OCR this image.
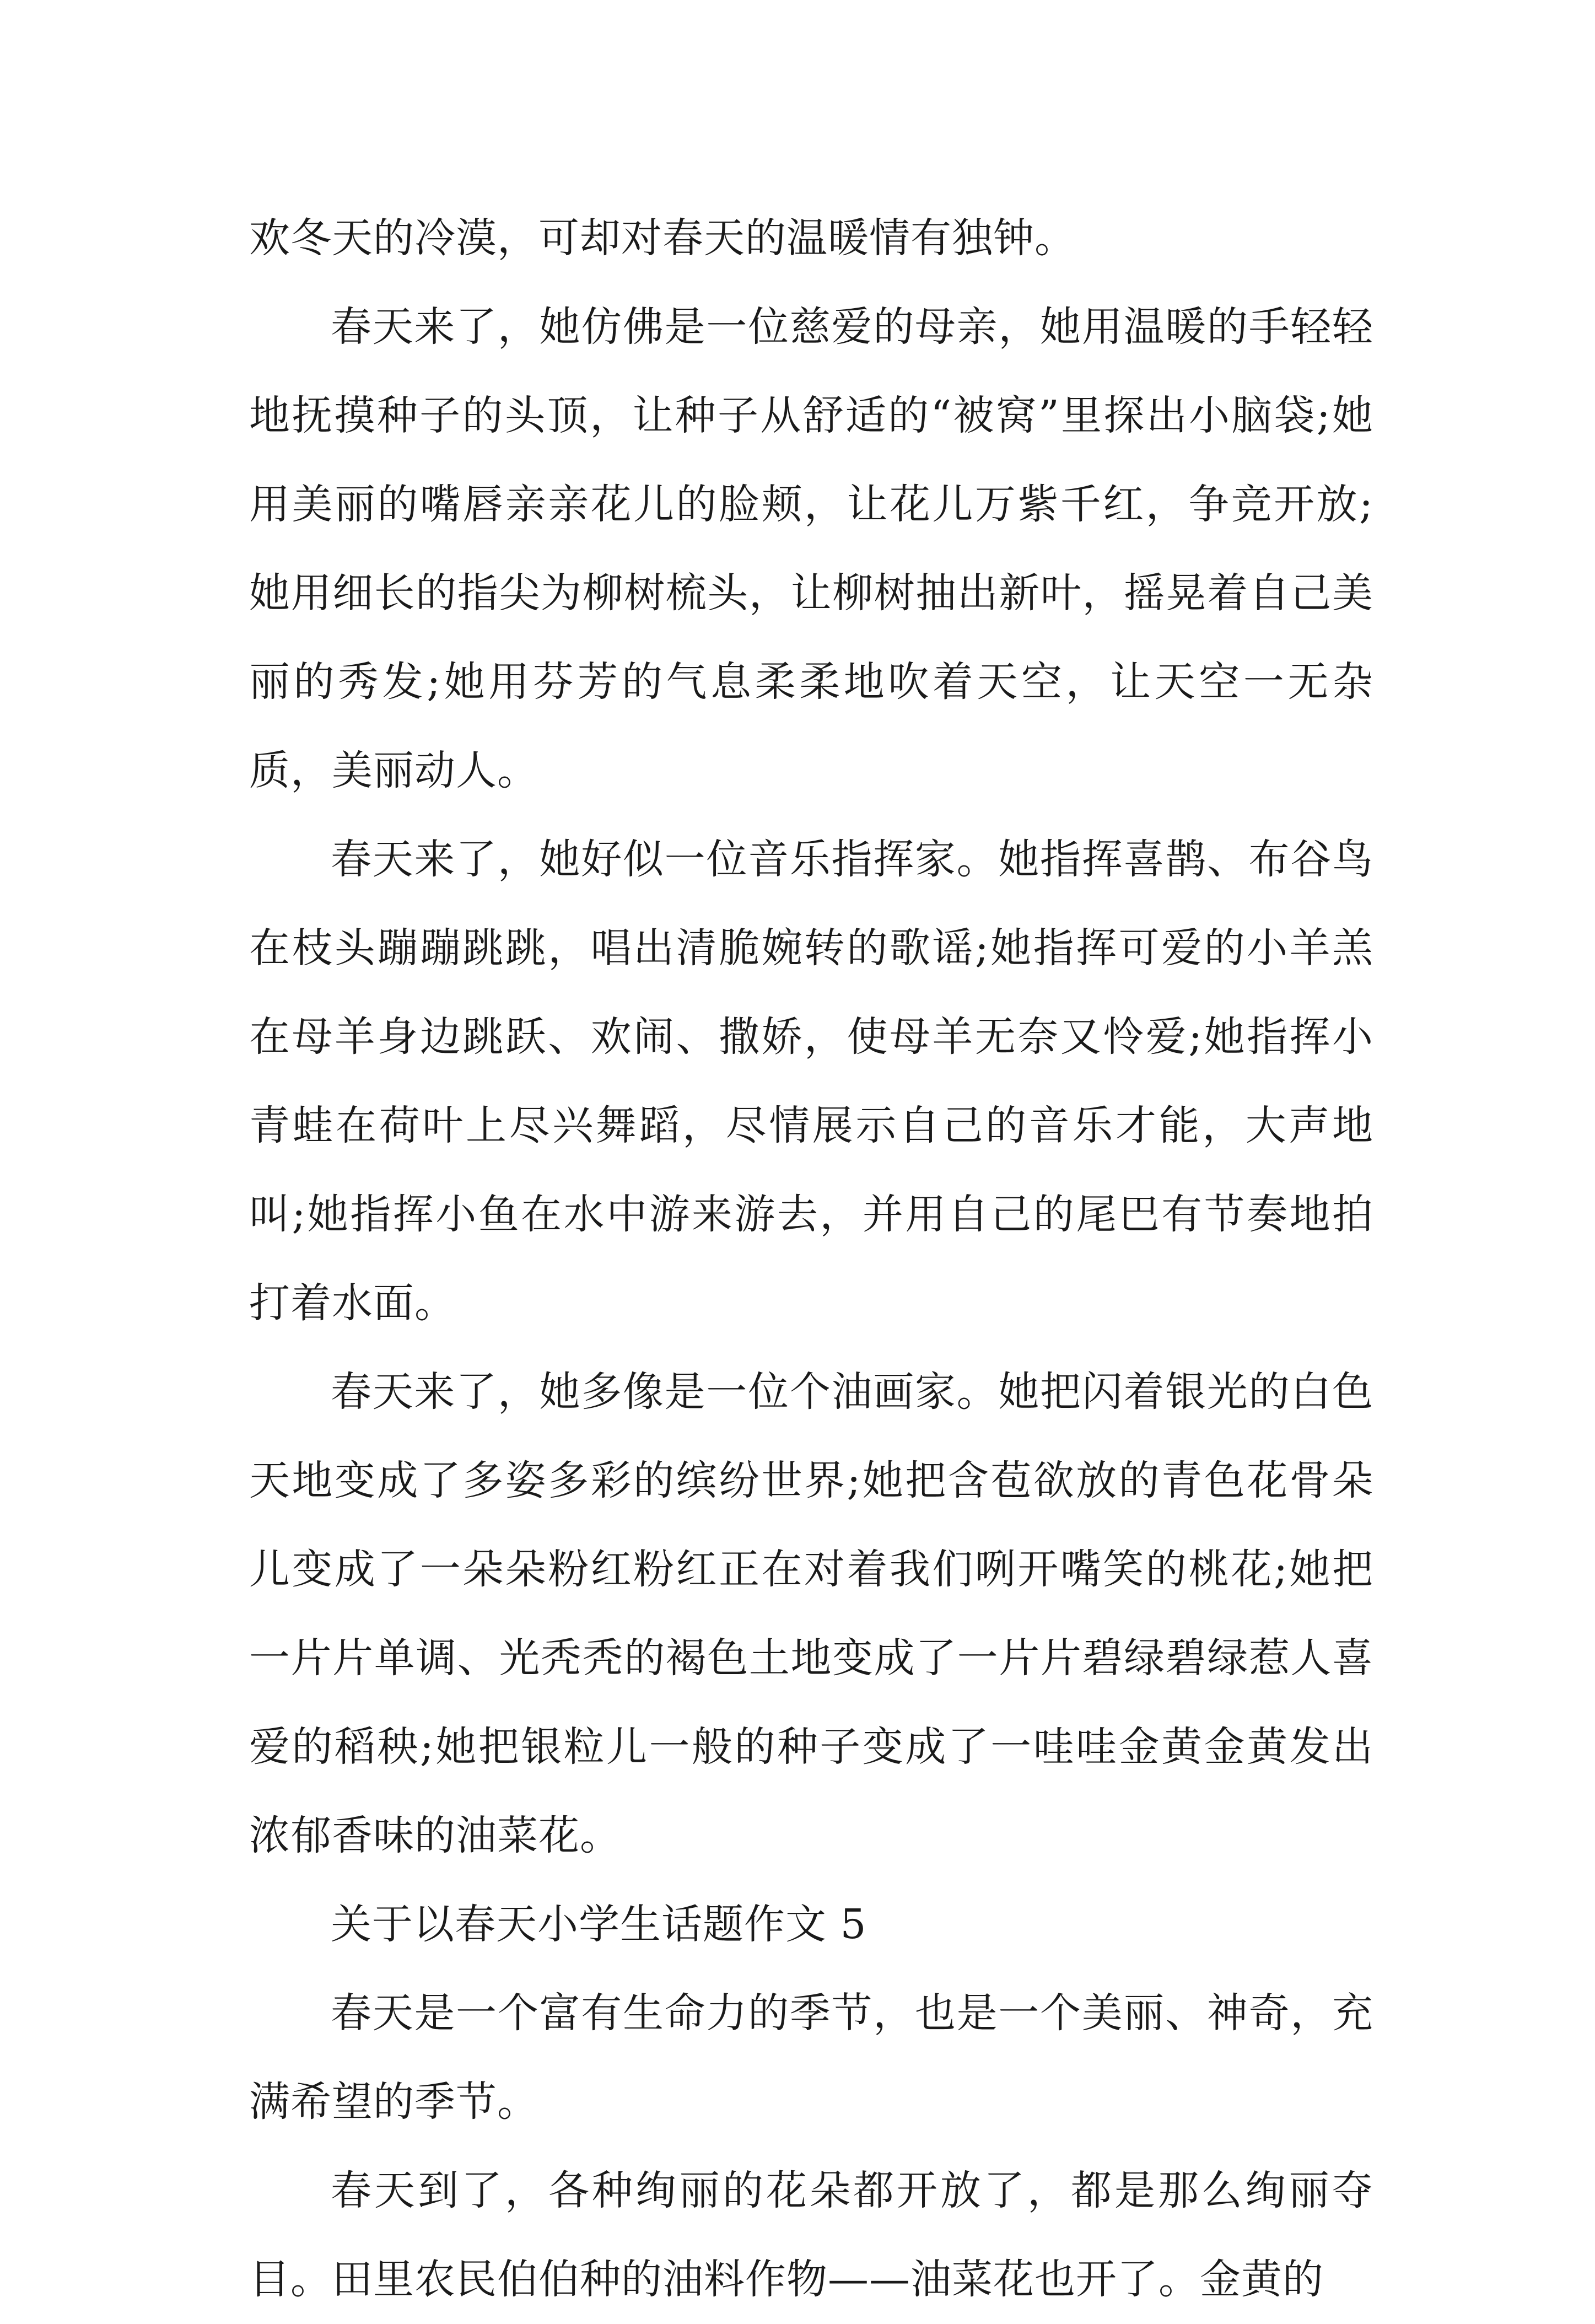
欢冬天的冷漠，可却对春天的温暖情有独钟。

春天来了，她仿佛是一位慈爱的母亲，她用温暖的手轻轻地抚摸种子的头顶，让种子从舒适的“被窝”里探出小脑袋;她用美丽的嘴唇亲亲花儿的脸颊，让花儿万紫千红，争竞开放;她用细长的指尖为柳树梳头，让柳树抽出新叶，摇晃着自己美丽的秀发;她用芬芳的气息柔柔地吹着天空，让天空一无杂质，美丽动人。

春天来了，她好似一位音乐指挥家。她指挥喜鹊、布谷鸟在枝头蹦蹦跳跳，唱出清脆婉转的歌谣;她指挥可爱的小羊羔在母羊身边跳跃、欢闹、撒娇，使母羊无奈又怜爱;她指挥小青蛙在荷叶上尽兴舞蹈，尽情展示自己的音乐才能，大声地叫;她指挥小鱼在水中游来游去，并用自己的尾巴有节奏地拍打着水面。

春天来了，她多像是一位个油画家。她把闪着银光的白色天地变成了多姿多彩的缤纷世界;她把含苞欲放的青色花骨朵儿变成了一朵朵粉红粉红正在对着我们咧开嘴笑的桃花;她把一片片单调、光秃秃的褐色土地变成了一片片碧绿碧绿惹人喜爱的稻秧;她把银粒儿一般的种子变成了一哇哇金黄金黄发出浓郁香味的油菜花。

关于以春天小学生话题作文 5

春天是一个富有生命力的季节，也是一个美丽、神奇，充满希望的季节。

春天到了，各种绚丽的花朵都开放了，都是那么绚丽夺目。田里农民伯伯种的油料作物——油菜花也开了。金黄的
